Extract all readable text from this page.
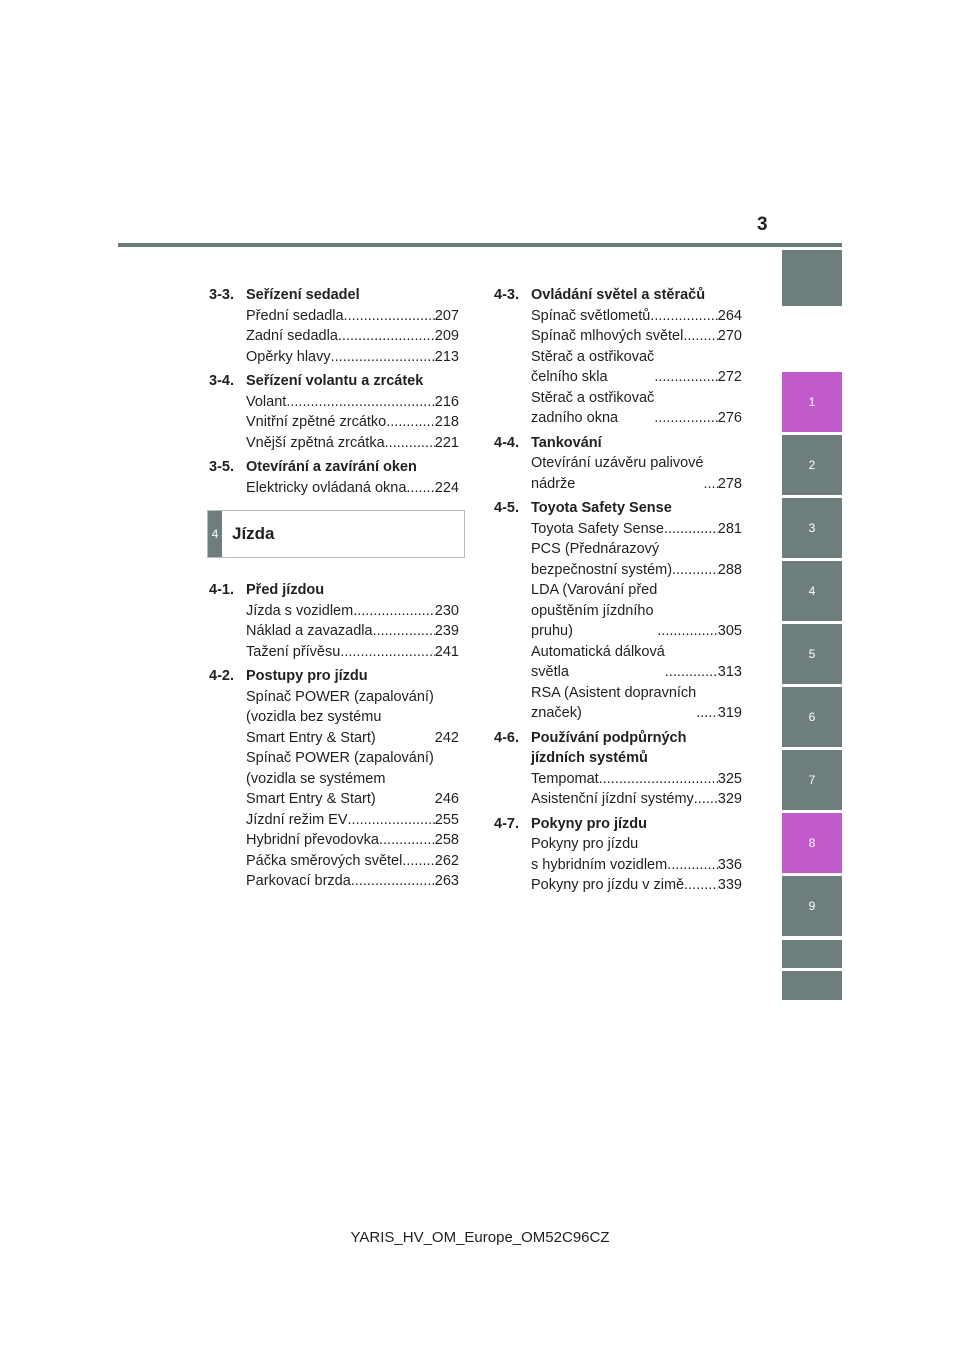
3
1
2
3
4
5
6
7
8
9
3-3. Seřízení sedadel
Přední sedadla .....	207
Zadní sedadla .....	209
Opěrky hlavy .....	213
3-4. Seřízení volantu a zrcátek
Volant .....	216
Vnitřní zpětné zrcátko .....	218
Vnější zpětná zrcátka .....	221
3-5. Otevírání a zavírání oken
Elektricky ovládaná okna ..... 224
4 Jízda
4-1. Před jízdou
Jízda s vozidlem .....	230
Náklad a zavazadla .....	239
Tažení přívěsu .....	241
4-2. Postupy pro jízdu
Spínač POWER (zapalování)
(vozidla bez systému
Smart Entry & Start) .....	242
Spínač POWER (zapalování)
(vozidla se systémem
Smart Entry & Start) .....	246
Jízdní režim EV .....	255
Hybridní převodovka .....	258
Páčka směrových světel ..... 262
Parkovací brzda .....	263
4-3. Ovládání světel a stěračů
Spínač světlometů .....	264
Spínač mlhových světel ..... 270
Stěrač a ostřikovač
čelního skla .....	272
Stěrač a ostřikovač
zadního okna .....	276
4-4. Tankování
Otevírání uzávěru palivové
nádrže .....	278
4-5. Toyota Safety Sense
Toyota Safety Sense .....	281
PCS (Přednárazový
bezpečnostní systém) .....	288
LDA (Varování před
opuštěním jízdního
pruhu) .....	305
Automatická dálková
světla .....	313
RSA (Asistent dopravních
značek) .....	319
4-6. Používání podpůrných
jízdních systémů
Tempomat .....	325
Asistenční jízdní systémy ..... 329
4-7. Pokyny pro jízdu
Pokyny pro jízdu
s hybridním vozidlem .....	336
Pokyny pro jízdu v zimě ..... 339
YARIS_HV_OM_Europe_OM52C96CZ
